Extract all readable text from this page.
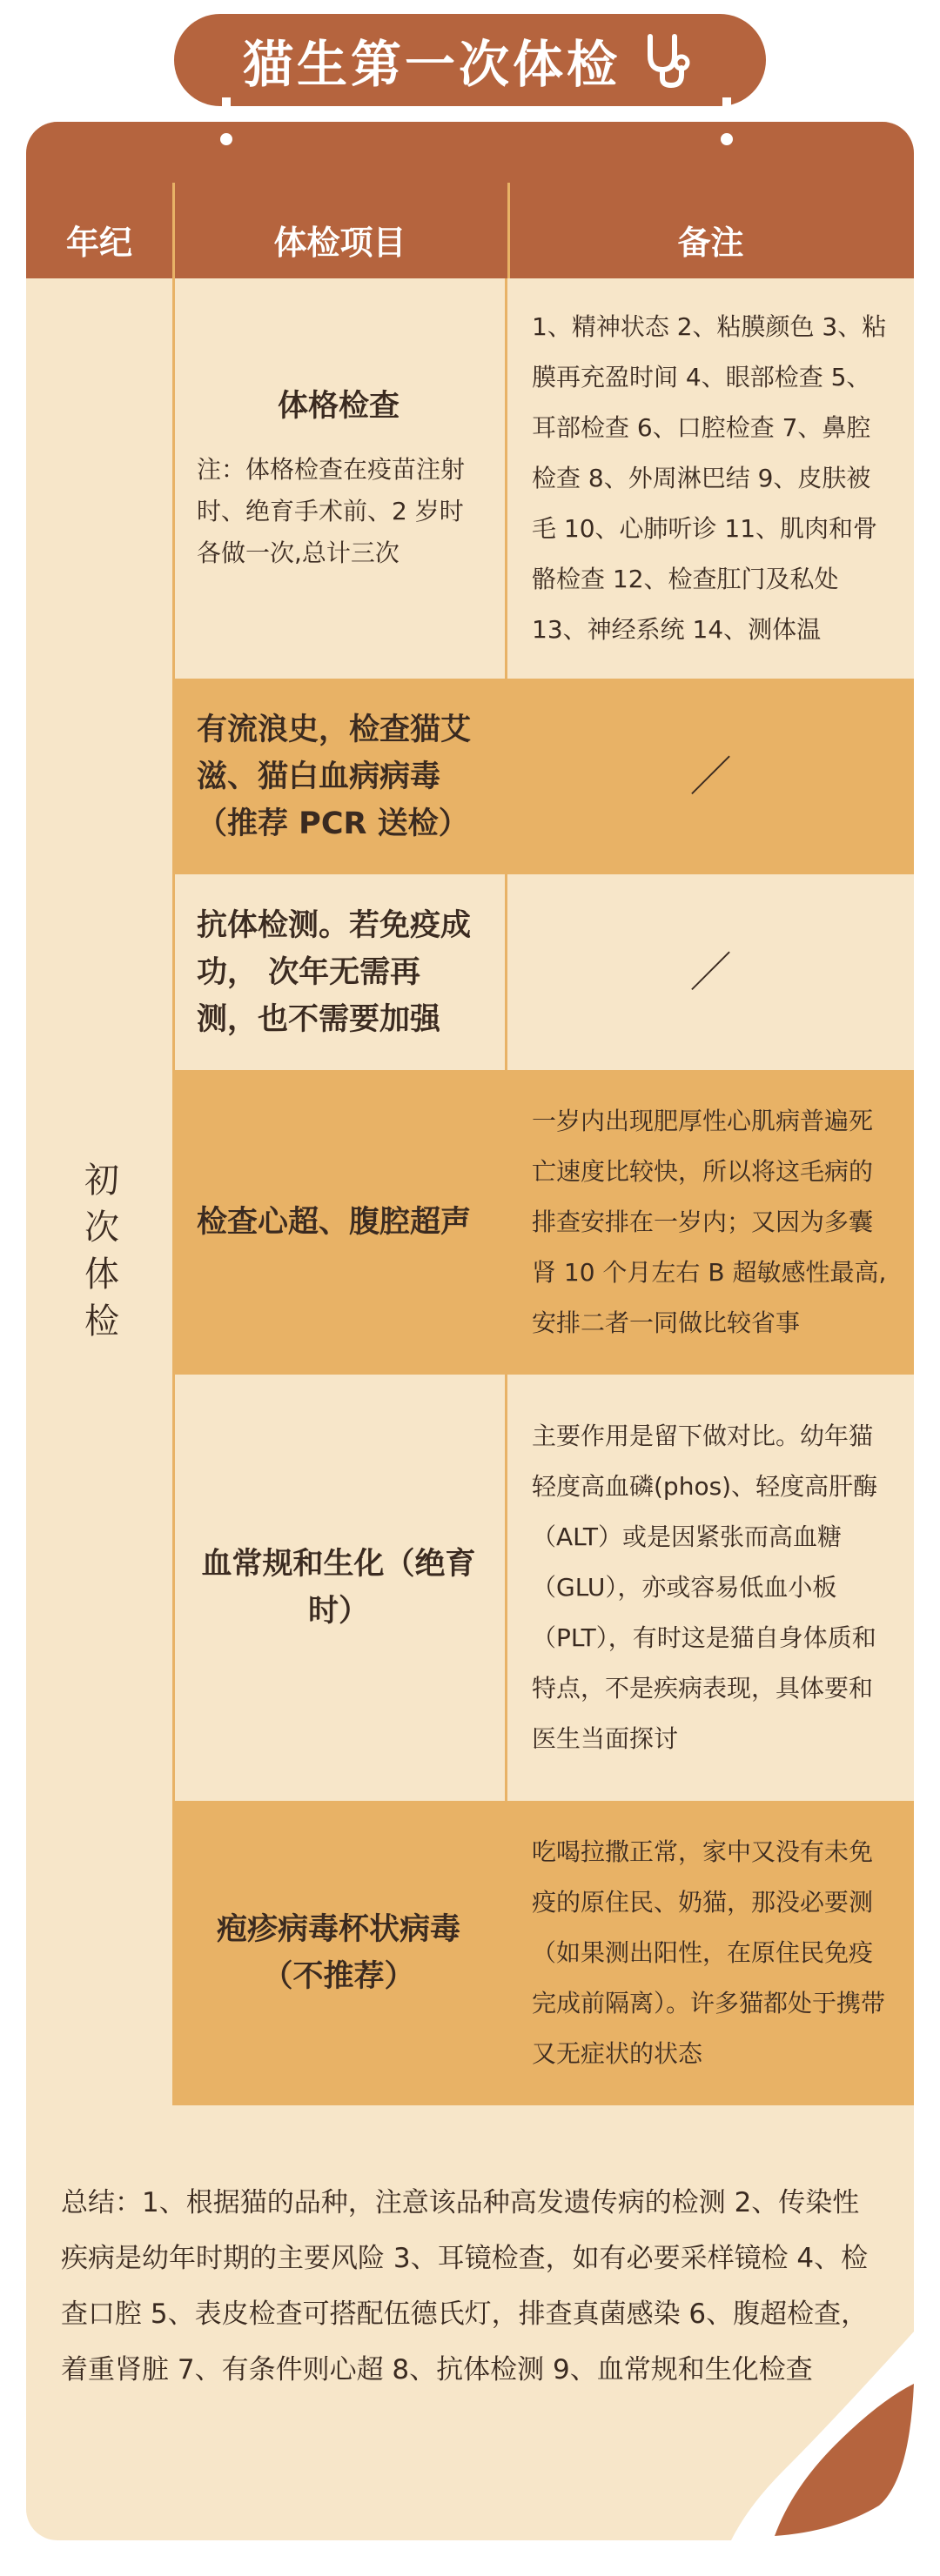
猫生第一次体检
年纪	体检项目	备注
初次体检
体格检查
注：体格检查在疫苗注射时、绝育手术前、2 岁时各做一次,总计三次
1、精神状态 2、粘膜颜色 3、粘膜再充盈时间 4、眼部检查 5、耳部检查 6、口腔检查 7、鼻腔检查 8、外周淋巴结 9、皮肤被毛 10、心肺听诊 11、肌肉和骨骼检查 12、检查肛门及私处 13、神经系统 14、测体温
有流浪史，检查猫艾滋、猫白血病病毒（推荐 PCR 送检）
／
抗体检测。若免疫成功， 次年无需再测，也不需要加强
／
检查心超、腹腔超声
一岁内出现肥厚性心肌病普遍死亡速度比较快，所以将这毛病的排查安排在一岁内；又因为多囊肾 10 个月左右 B 超敏感性最高,安排二者一同做比较省事
血常规和生化（绝育时）
主要作用是留下做对比。幼年猫轻度高血磷(phos)、轻度高肝酶（ALT）或是因紧张而高血糖（GLU），亦或容易低血小板（PLT），有时这是猫自身体质和特点，不是疾病表现，具体要和医生当面探讨
疱疹病毒杯状病毒（不推荐）
吃喝拉撒正常，家中又没有未免疫的原住民、奶猫，那没必要测（如果测出阳性，在原住民免疫完成前隔离）。许多猫都处于携带又无症状的状态
总结：1、根据猫的品种，注意该品种高发遗传病的检测 2、传染性疾病是幼年时期的主要风险 3、耳镜检查，如有必要采样镜检 4、检查口腔 5、表皮检查可搭配伍德氏灯，排查真菌感染 6、腹超检查，着重肾脏 7、有条件则心超 8、抗体检测 9、血常规和生化检查
